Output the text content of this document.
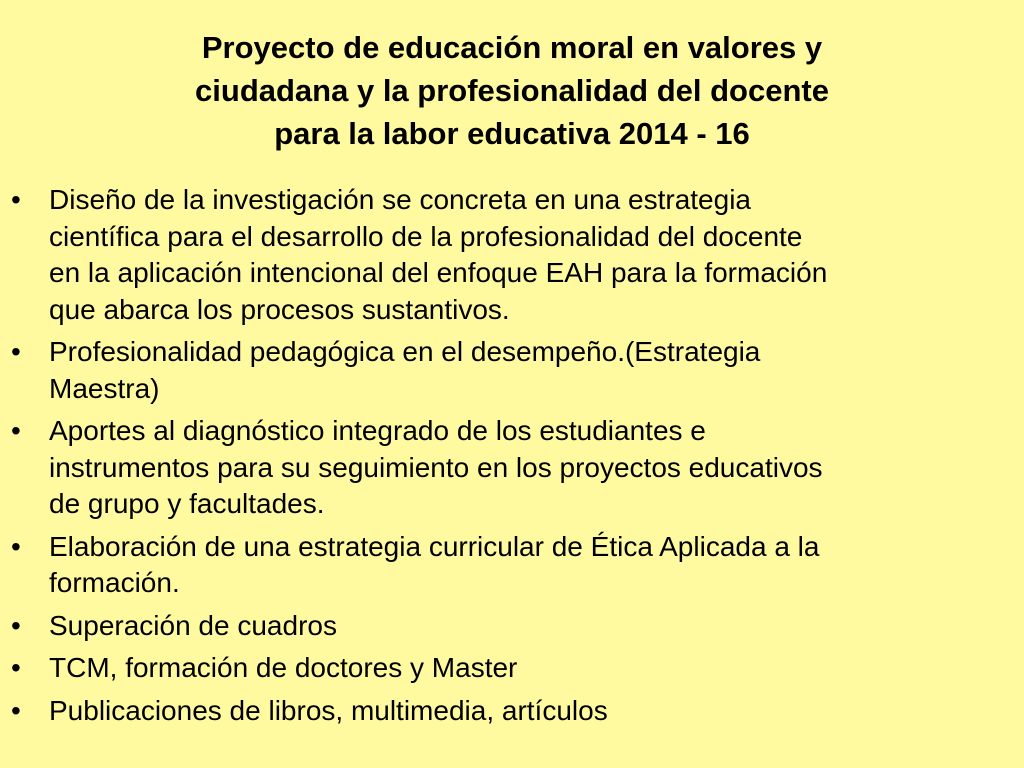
Proyecto de educación moral en valores y
ciudadana y la profesionalidad del docente
para la labor educativa 2014 - 16
• Diseño de la investigación se concreta en una estrategia
científica para el desarrollo de la profesionalidad del docente
en la aplicación intencional del enfoque EAH para la formación
que abarca los procesos sustantivos.
• Profesionalidad pedagógica en el desempeño.(Estrategia
Maestra)
• Aportes al diagnóstico integrado de los estudiantes e
instrumentos para su seguimiento en los proyectos educativos
de grupo y facultades.
• Elaboración de una estrategia curricular de Ética Aplicada a la
formación.
• Superación de cuadros
• TCM, formación de doctores y Master
• Publicaciones de libros, multimedia, artículos
